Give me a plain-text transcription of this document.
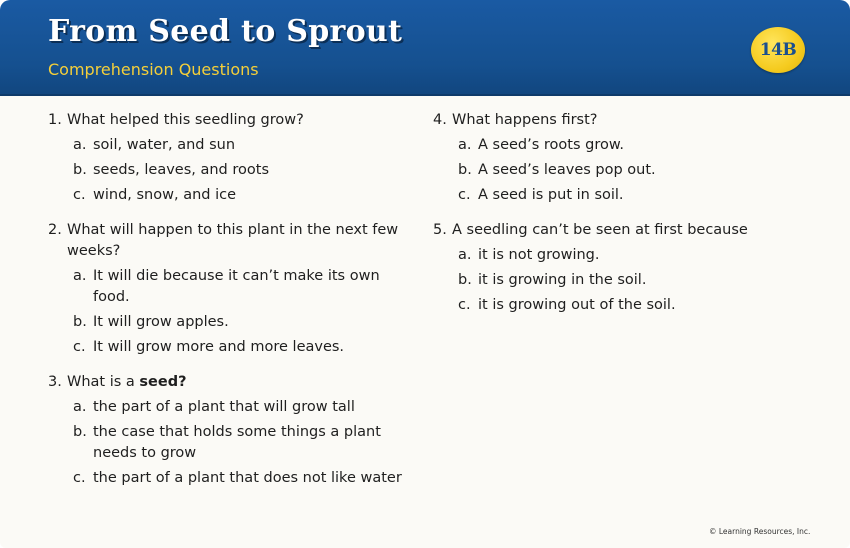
From Seed to Sprout

Comprehension Questions

14B
1. What helped this seedling grow?
a. soil, water, and sun
b. seeds, leaves, and roots
c. wind, snow, and ice
2. What will happen to this plant in the next few weeks?
a. It will die because it can’t make its own food.
b. It will grow apples.
c. It will grow more and more leaves.
3. What is a seed?
a. the part of a plant that will grow tall
b. the case that holds some things a plant needs to grow
c. the part of a plant that does not like water
4. What happens first?
a. A seed’s roots grow.
b. A seed’s leaves pop out.
c. A seed is put in soil.
5. A seedling can’t be seen at first because
a. it is not growing.
b. it is growing in the soil.
c. it is growing out of the soil.
© Learning Resources, Inc.
